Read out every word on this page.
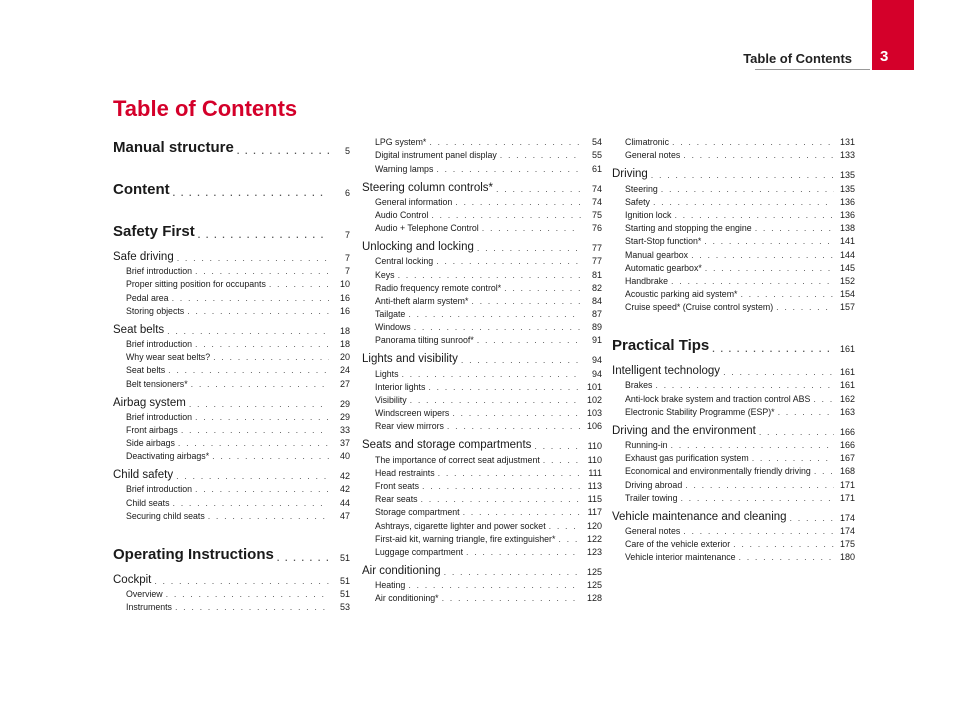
Table of Contents 3
Table of Contents
Manual structure . . .	5
Content . . .	6
Safety First . . .	7
Safe driving . . .	7
Brief introduction . . .	7
Proper sitting position for occupants . . .	10
Pedal area . . .	16
Storing objects . . .	16
Seat belts . . .	18
Brief introduction . . .	18
Why wear seat belts? . . .	20
Seat belts . . .	24
Belt tensioners* . . .	27
Airbag system . . .	29
Brief introduction . . .	29
Front airbags . . .	33
Side airbags . . .	37
Deactivating airbags* . . .	40
Child safety . . .	42
Brief introduction . . .	42
Child seats . . .	44
Securing child seats . . .	47
Operating Instructions . . .	51
Cockpit . . .	51
Overview . . .	51
Instruments . . .	53
LPG system* . . .	54
Digital instrument panel display . . .	55
Warning lamps . . .	61
Steering column controls* . . .	74
General information . . .	74
Audio Control . . .	75
Audio + Telephone Control . . .	76
Unlocking and locking . . .	77
Central locking . . .	77
Keys . . .	81
Radio frequency remote control* . . .	82
Anti-theft alarm system* . . .	84
Tailgate . . .	87
Windows . . .	89
Panorama tilting sunroof* . . .	91
Lights and visibility . . .	94
Lights . . .	94
Interior lights . . .	101
Visibility . . .	102
Windscreen wipers . . .	103
Rear view mirrors . . .	106
Seats and storage compartments . . .	110
The importance of correct seat adjustment . . .	110
Head restraints . . .	111
Front seats . . .	113
Rear seats . . .	115
Storage compartment . . .	117
Ashtrays, cigarette lighter and power socket . . .	120
First-aid kit, warning triangle, fire extinguisher* . . .	122
Luggage compartment . . .	123
Air conditioning . . .	125
Heating . . .	125
Air conditioning* . . .	128
Climatronic . . .	131
General notes . . .	133
Driving . . .	135
Steering . . .	135
Safety . . .	136
Ignition lock . . .	136
Starting and stopping the engine . . .	138
Start-Stop function* . . .	141
Manual gearbox . . .	144
Automatic gearbox* . . .	145
Handbrake . . .	152
Acoustic parking aid system* . . .	154
Cruise speed* (Cruise control system) . . .	157
Practical Tips . . .	161
Intelligent technology . . .	161
Brakes . . .	161
Anti-lock brake system and traction control ABS . . .	162
Electronic Stability Programme (ESP)* . . .	163
Driving and the environment . . .	166
Running-in . . .	166
Exhaust gas purification system . . .	167
Economical and environmentally friendly driving . . .	168
Driving abroad . . .	171
Trailer towing . . .	171
Vehicle maintenance and cleaning . . .	174
General notes . . .	174
Care of the vehicle exterior . . .	175
Vehicle interior maintenance . . .	180
